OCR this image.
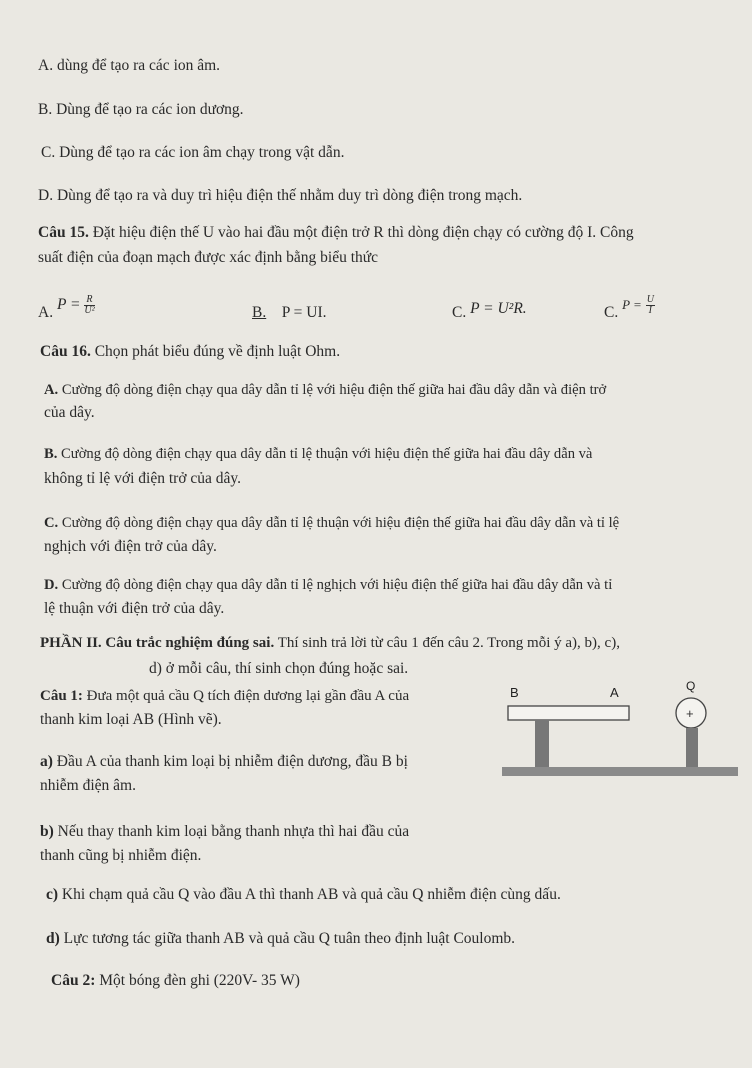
A. dùng để tạo ra các ion âm.
B. Dùng để tạo ra các ion dương.
C. Dùng để tạo ra các ion âm chạy trong vật dẫn.
D. Dùng để tạo ra và duy trì hiệu điện thế nhằm duy trì dòng điện trong mạch.
Câu 15. Đặt hiệu điện thế U vào hai đầu một điện trở R thì dòng điện chạy có cường độ I. Công
suất điện của đoạn mạch được xác định bằng biểu thức
A. $P = \frac{R}{\text{U²}}$	B. P = UI.	C. P = U²R.	C. $^{P =} \frac{U}{I}$
Câu 16. Chọn phát biểu đúng về định luật Ohm.
A. Cường độ dòng điện chạy qua dây dẫn tỉ lệ với hiệu điện thế giữa hai đầu dây dẫn và điện trở
của dây.
B. Cường độ dòng điện chạy qua dây dẫn tỉ lệ thuận với hiệu điện thế giữa hai đầu dây dẫn và
không tỉ lệ với điện trở của dây.
C. Cường độ dòng điện chạy qua dây dẫn tỉ lệ thuận với hiệu điện thế giữa hai đầu dây dẫn và tỉ lệ
nghịch với điện trở của dây.
D. Cường độ dòng điện chạy qua dây dẫn tỉ lệ nghịch với hiệu điện thế giữa hai đầu dây dẫn và tỉ
lệ thuận với điện trở của dây.
PHẦN II. Câu trắc nghiệm đúng sai. Thí sinh trả lời từ câu 1 đến câu 2. Trong mỗi ý a), b), c),
d) ở mỗi câu, thí sinh chọn đúng hoặc sai.
Câu 1: Đưa một quả cầu Q tích điện dương lại gần đầu A của
thanh kim loại AB (Hình vẽ).
a) Đầu A của thanh kim loại bị nhiễm điện dương, đầu B bị
nhiễm điện âm.
b) Nếu thay thanh kim loại bằng thanh nhựa thì hai đầu của
thanh cũng bị nhiễm điện.
c) Khi chạm quả cầu Q vào đầu A thì thanh AB và quả cầu Q nhiễm điện cùng dấu.
d) Lực tương tác giữa thanh AB và quả cầu Q tuân theo định luật Coulomb.
Câu 2: Một bóng đèn ghi (220V- 35 W)
B	A	Q
+
